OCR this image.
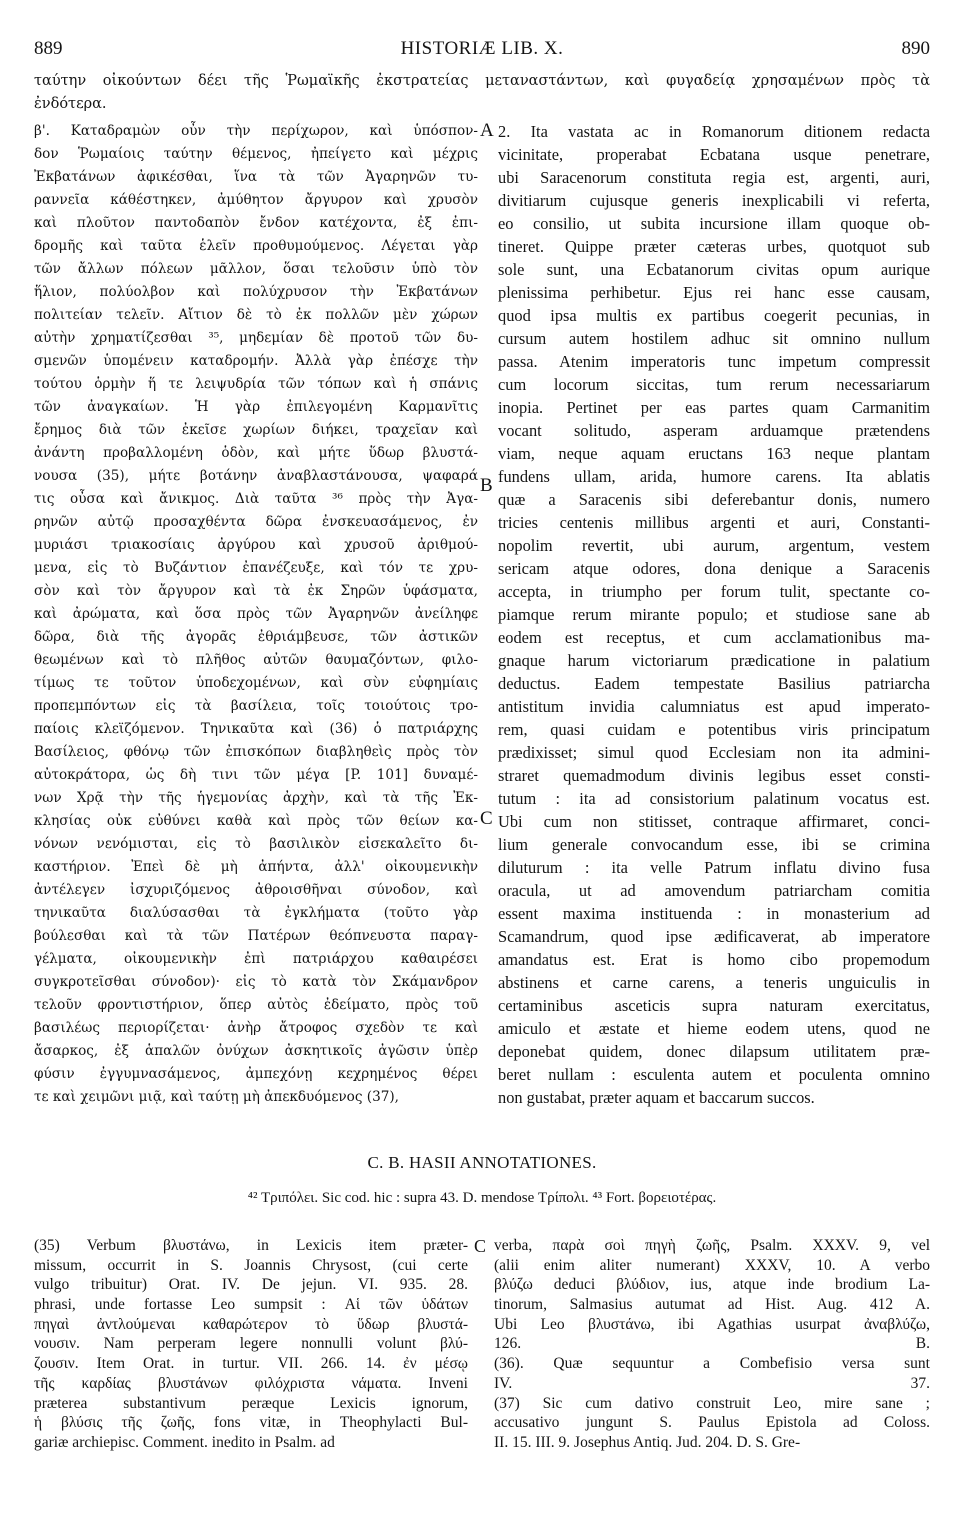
889	HISTORIÆ LIB. X.	890
ταύτην οἰκούντων δέει τῆς Ῥωμαϊκῆς ἐκστρατείας μεταναστάντων, καὶ φυγαδείᾳ χρησαμένων πρὸς τὰ
ἐνδότερα.
β'. Καταδραμὼν οὖν τὴν περίχωρον, καὶ ὑπόσπον-
δον Ῥωμαίοις ταύτην θέμενος, ἠπείγετο καὶ μέχρις
Ἐκβατάνων ἀφικέσθαι, ἵνα τὰ τῶν Ἀγαρηνῶν τυ-
ραννεῖα κάθέστηκεν, ἀμύθητον ἄργυρον καὶ χρυσὸν
καὶ πλοῦτον παντοδαπὸν ἔνδον κατέχοντα, ἐξ ἐπι-
δρομῆς καὶ ταῦτα ἑλεῖν προθυμούμενος. Λέγεται γὰρ
τῶν ἄλλων πόλεων μᾶλλον, ὅσαι τελοῦσιν ὑπὸ τὸν
ἥλιον, πολύολβον καὶ πολύχρυσον τὴν Ἐκβατάνων
πολιτείαν τελεῖν. Αἴτιον δὲ τὸ ἐκ πολλῶν μὲν χώρων
αὐτὴν χρηματίζεσθαι ³⁵, μηδεμίαν δὲ προτοῦ τῶν δυ-
σμενῶν ὑπομένειν καταδρομήν. Ἀλλὰ γὰρ ἐπέσχε τὴν
τούτου ὁρμὴν ἥ τε λειψυδρία τῶν τόπων καὶ ἡ σπάνις
τῶν ἀναγκαίων. Ἡ γὰρ ἐπιλεγομένη Καρμανῖτις
ἔρημος διὰ τῶν ἐκεῖσε χωρίων διήκει, τραχεῖαν καὶ
ἀνάντη προβαλλομένη ὁδὸν, καὶ μήτε ὕδωρ βλυστά-
νουσα (35), μήτε βοτάνην ἀναβλαστάνουσα, ψαφαρά
τις οὖσα καὶ ἄνικμος. Διὰ ταῦτα ³⁶ πρὸς τὴν Ἀγα-
ρηνῶν αὐτῷ προσαχθέντα δῶρα ἐνσκευασάμενος, ἐν
μυριάσι τριακοσίαις ἀργύρου καὶ χρυσοῦ ἀριθμού-
μενα, εἰς τὸ Βυζάντιον ἐπανέζευξε, καὶ τόν τε χρυ-
σὸν καὶ τὸν ἄργυρον καὶ τὰ ἐκ Σηρῶν ὑφάσματα,
καὶ ἀρώματα, καὶ ὅσα πρὸς τῶν Ἀγαρηνῶν ἀνείληφε
δῶρα, διὰ τῆς ἀγορᾶς ἐθριάμβευσε, τῶν ἀστικῶν
θεωμένων καὶ τὸ πλῆθος αὐτῶν θαυμαζόντων, φιλο-
τίμως τε τοῦτον ὑποδεχομένων, καὶ σὺν εὐφημίαις
προπεμπόντων εἰς τὰ βασίλεια, τοῖς τοιούτοις τρο-
παίοις κλεϊζόμενον. Τηνικαῦτα καὶ (36) ὁ πατριάρχης
Βασίλειος, φθόνῳ τῶν ἐπισκόπων διαβληθεὶς πρὸς τὸν
αὐτοκράτορα, ὡς δὴ τινι τῶν μέγα [P. 101] δυναμέ-
νων Χρᾷ τὴν τῆς ἡγεμονίας ἀρχὴν, καὶ τὰ τῆς Ἐκ-
κλησίας οὐκ εὐθύνει καθὰ καὶ πρὸς τῶν θείων κα-
νόνων νενόμισται, εἰς τὸ βασιλικὸν εἰσεκαλεῖτο δι-
καστήριον. Ἐπεὶ δὲ μὴ ἀπήντα, ἀλλ' οἰκουμενικὴν
ἀντέλεγεν ἰσχυριζόμενος ἀθροισθῆναι σύνοδον, καὶ
τηνικαῦτα διαλύσασθαι τὰ ἐγκλήματα (τοῦτο γὰρ
βούλεσθαι καὶ τὰ τῶν Πατέρων θεόπνευστα παραγ-
γέλματα, οἰκουμενικὴν ἐπὶ πατριάρχου καθαιρέσει
συγκροτεῖσθαι σύνοδον)· εἰς τὸ κατὰ τὸν Σκάμανδρον
τελοῦν φροντιστήριον, ὅπερ αὐτὸς ἐδείματο, πρὸς τοῦ
βασιλέως περιορίζεται· ἀνὴρ ἄτροφος σχεδὸν τε καὶ
ἄσαρκος, ἐξ ἁπαλῶν ὀνύχων ἀσκητικοῖς ἀγῶσιν ὑπὲρ
φύσιν ἐγγυμνασάμενος, ἀμπεχόνῃ κεχρημένος θέρει
τε καὶ χειμῶνι μιᾷ, καὶ ταύτῃ μὴ ἀπεκδυόμενος (37),
2. Ita vastata ac in Romanorum ditionem redacta
vicinitate, properabat Ecbatana usque penetrare,
ubi Saracenorum constituta regia est, argenti, auri,
divitiarum cujusque generis inexplicabili vi referta,
eo consilio, ut subita incursione illam quoque ob-
tineret. Quippe præter cæteras urbes, quotquot sub
sole sunt, una Ecbatanorum civitas opum aurique
plenissima perhibetur. Ejus rei hanc esse causam,
quod ipsa multis ex partibus coegerit pecunias, in
cursum autem hostilem adhuc sit omnino nullum
passa. Atenim imperatoris tunc impetum compressit
cum locorum siccitas, tum rerum necessariarum
inopia. Pertinet per eas partes quam Carmanitim
vocant solitudo, asperam arduamque prætendens
viam, neque aquam eructans 163 neque plantam
fundens ullam, arida, humore carens. Ita ablatis
quæ a Saracenis sibi deferebantur donis, numero
tricies centenis millibus argenti et auri, Constanti-
nopolim revertit, ubi aurum, argentum, vestem
sericam atque odores, dona denique a Saracenis
accepta, in triumpho per forum tulit, spectante co-
piamque rerum mirante populo; et studiose sane ab
eodem est receptus, et cum acclamationibus ma-
gnaque harum victoriarum prædicatione in palatium
deductus. Eadem tempestate Basilius patriarcha
antistitum invidia calumniatus est apud imperato-
rem, quasi cuidam e potentibus viris principatum
prædixisset; simul quod Ecclesiam non ita admini-
straret quemadmodum divinis legibus esset consti-
tutum : ita ad consistorium palatinum vocatus est.
Ubi cum non stitisset, contraque affirmaret, conci-
lium generale convocandum esse, ibi se crimina
diluturum : ita velle Patrum inflatu divino fusa
oracula, ut ad amovendum patriarcham comitia
essent maxima instituenda : in monasterium ad
Scamandrum, quod ipse ædificaverat, ab imperatore
amandatus est. Erat is homo cibo propemodum
abstinens et carne carens, a teneris unguiculis in
certaminibus asceticis supra naturam exercitatus,
amiculo et æstate et hieme eodem utens, quod ne
deponebat quidem, donec dilapsum utilitatem præ-
beret nullam : esculenta autem et poculenta omnino
non gustabat, præter aquam et baccarum succos.
A
B
C
C. B. HASII ANNOTATIONES.
⁴² Τριπόλει. Sic cod. hic : supra 43. D. mendose Τρίπολι. ⁴³ Fort. βορειοτέρας.
(35) Verbum βλυστάνω, in Lexicis item præter-
missum, occurrit in S. Joannis Chrysost, (cui certe
vulgo tribuitur) Orat. IV. De jejun. VI. 935. 28.
phrasi, unde fortasse Leo sumpsit : Αἱ τῶν ὑδάτων
πηγαὶ ἀντλούμεναι καθαρώτερον τὸ ὕδωρ βλυστά-
νουσιν. Nam perperam legere nonnulli volunt βλύ-
ζουσιν. Item Orat. in turtur. VII. 266. 14. ἐν μέσῳ
τῆς καρδίας βλυστάνων φιλόχριστα νάματα. Inveni
præterea substantivum peræque Lexicis ignorum,
ἡ βλύσις τῆς ζωῆς, fons vitæ, in Theophylacti Bul-
gariæ archiepisc. Comment. inedito in Psalm. ad
C verba, παρὰ σοὶ πηγὴ ζωῆς, Psalm. XXXV. 9, vel
(alii enim aliter numerant) XXXV, 10. A verbo
βλύζω deduci βλύδιον, ius, atque inde brodium La-
tinorum, Salmasius autumat ad Hist. Aug. 412 A.
Ubi Leo βλυστάνω, ibi Agathias usurpat ἀναβλύζω,
126. B.
(36). Quæ sequuntur a Combefisio versa sunt
IV. 37.
(37) Sic cum dativo construit Leo, mire sane ;
accusativo jungunt S. Paulus Epistola ad Coloss.
II. 15. III. 9. Josephus Antiq. Jud. 204. D. S. Gre-
